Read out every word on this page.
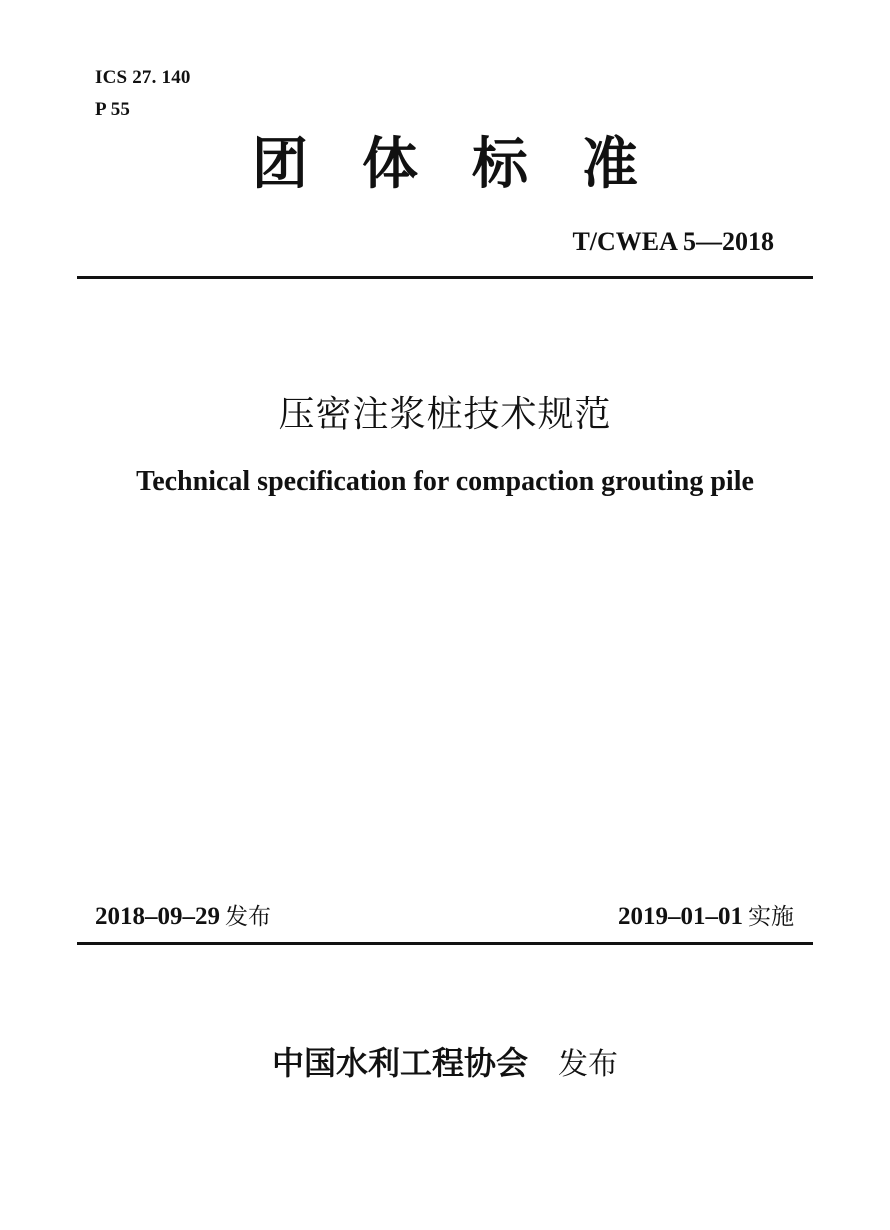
ICS 27. 140
P 55
团体标准
T/CWEA 5—2018
压密注浆桩技术规范
Technical specification for compaction grouting pile
2018–09–29 发布	2019–01–01 实施
中国水利工程协会 发布
